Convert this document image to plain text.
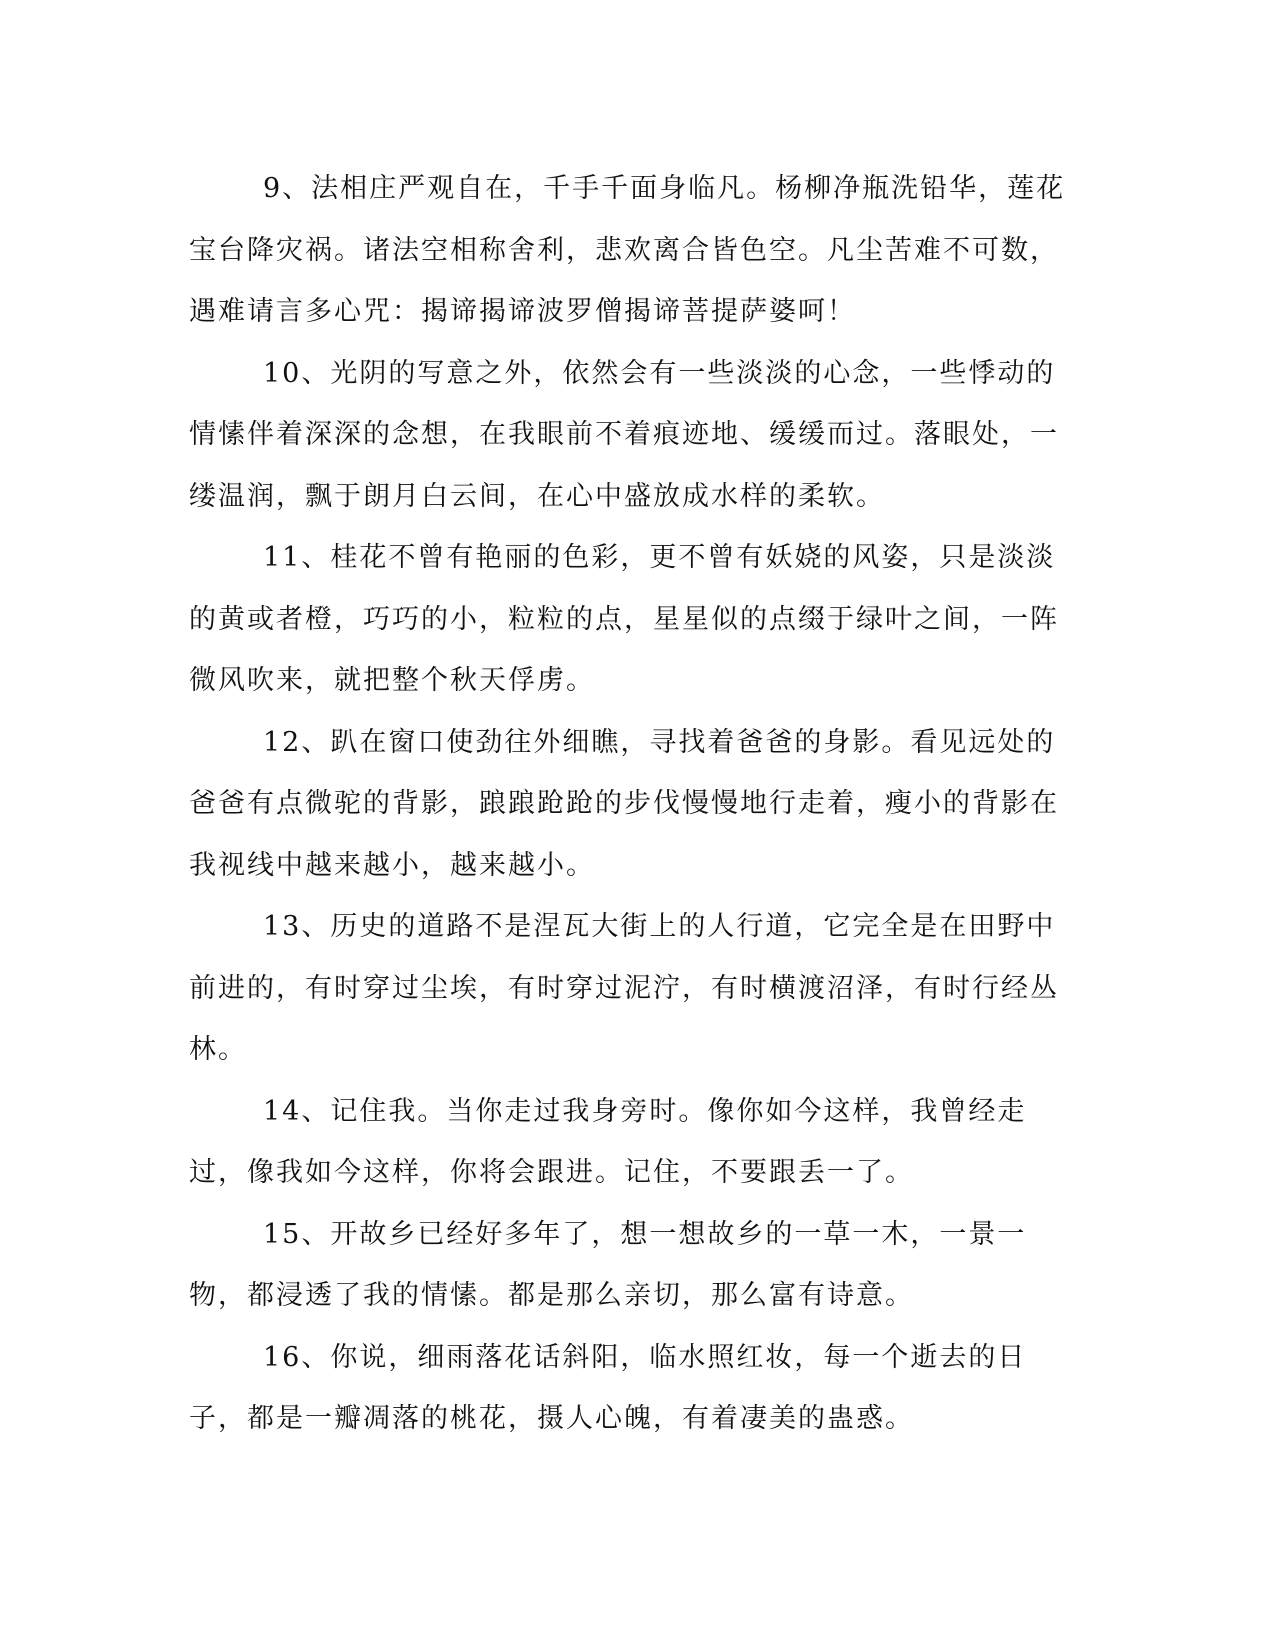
9、法相庄严观自在，千手千面身临凡。杨柳净瓶洗铅华，莲花宝台降灾祸。诸法空相称舍利，悲欢离合皆色空。凡尘苦难不可数，遇难请言多心咒：揭谛揭谛波罗僧揭谛菩提萨婆呵！

10、光阴的写意之外，依然会有一些淡淡的心念，一些悸动的情愫伴着深深的念想，在我眼前不着痕迹地、缓缓而过。落眼处，一缕温润，飘于朗月白云间，在心中盛放成水样的柔软。

11、桂花不曾有艳丽的色彩，更不曾有妖娆的风姿，只是淡淡的黄或者橙，巧巧的小，粒粒的点，星星似的点缀于绿叶之间，一阵微风吹来，就把整个秋天俘虏。

12、趴在窗口使劲往外细瞧，寻找着爸爸的身影。看见远处的爸爸有点微驼的背影，踉踉跄跄的步伐慢慢地行走着，瘦小的背影在我视线中越来越小，越来越小。

13、历史的道路不是涅瓦大街上的人行道，它完全是在田野中前进的，有时穿过尘埃，有时穿过泥泞，有时横渡沼泽，有时行经丛林。

14、记住我。当你走过我身旁时。像你如今这样，我曾经走过，像我如今这样，你将会跟进。记住，不要跟丢一了。

15、开故乡已经好多年了，想一想故乡的一草一木，一景一物，都浸透了我的情愫。都是那么亲切，那么富有诗意。

16、你说，细雨落花话斜阳，临水照红妆，每一个逝去的日子，都是一瓣凋落的桃花，摄人心魄，有着凄美的蛊惑。
